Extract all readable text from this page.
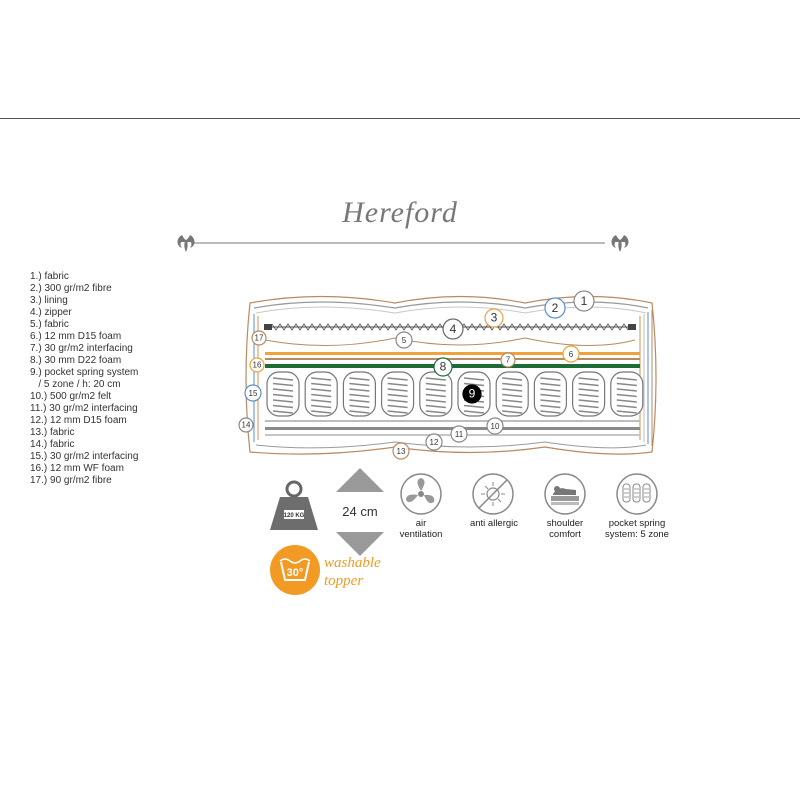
Hereford
1.) fabric
2.) 300 gr/m2 fibre
3.) lining
4.) zipper
5.) fabric
6.) 12 mm D15 foam
7.) 30 gr/m2 interfacing
8.) 30 mm D22 foam
9.) pocket spring system
/ 5 zone / h: 20 cm
10.) 500 gr/m2 felt
11.) 30 gr/m2 interfacing
12.) 12 mm D15 foam
13.) fabric
14.) fabric
15.) 30 gr/m2 interfacing
16.) 12 mm WF foam
17.) 90 gr/m2 fibre
1
2
3
4
5
6
7
8
9
10
11
12
13
14
15
16
17
120 KG	24 cm
30°
air ventilation
anti allergic	shoulder comfort
pocket spring system: 5 zone
washable
topper
